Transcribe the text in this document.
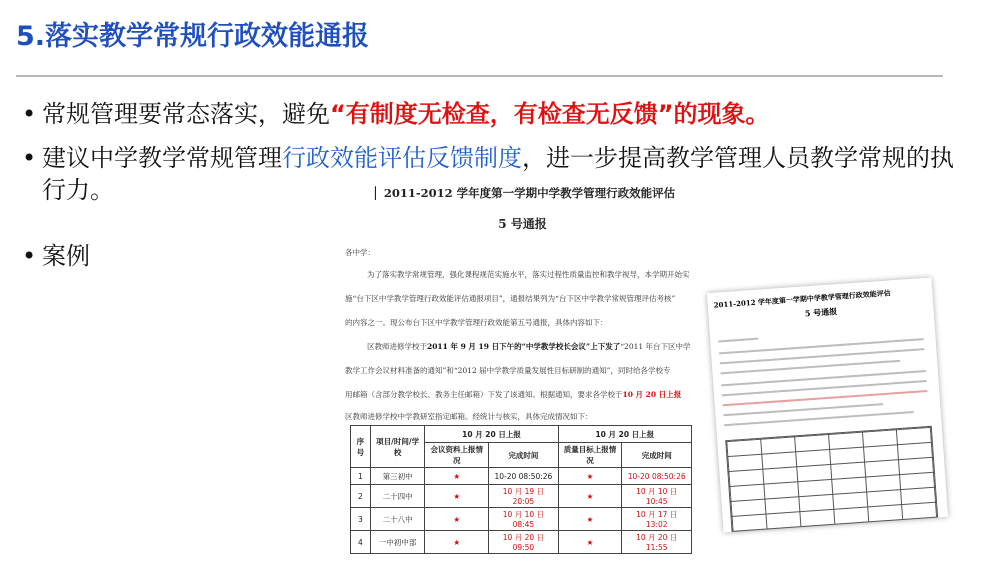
5.落实教学常规行政效能通报
• 常规管理要常态落实，避免“有制度无检查，有检查无反馈”的现象。
• 建议中学教学常规管理行政效能评估反馈制度，进一步提高教学管理人员教学常规的执行力。
• 案例
▏2011-2012 学年度第一学期中学教学管理行政效能评估
5 号通报
各中学：
为了落实教学常规管理，强化课程规范实施水平，落实过程性质量监控和教学视导，本学期开始实
施“台下区中学教学管理行政效能评估通报项目”，通报结果列为“台下区中学教学常规管理评估考核”
的内容之一。现公布台下区中学教学管理行政效能第五号通报，具体内容如下：
区教师进修学校于2011 年 9 月 19 日下午的“中学教学校长会议”上下发了“2011 年台下区中学
教学工作会议材料准备的通知”和“2012 届中学教学质量发展性目标研制的通知”，同时给各学校专
用邮箱（含部分教学校长、教务主任邮箱）下发了该通知。根据通知，要求各学校于10 月 20 日上报
区教师进修学校中学教研室指定邮箱。经统计与核实，具体完成情况如下：
序号	项目/时间/学校	10 月 20 日上报		10 月 20 日上报	
		会议资料上报情况	完成时间	质量目标上报情况	完成时间
1	第三初中	★	10-20 08:50:26	★	10-20 08:50:26
2	二十四中	★	10 月 19 日 20:05	★	10 月 10 日 10:45
3	二十八中	★	10 月 10 日 08:45	★	10 月 17 日 13:02
4	一中初中部	★	10 月 20 日 09:50	★	10 月 20 日 11:55
2011-2012 学年度第一学期中学教学管理行政效能评估
5 号通报
